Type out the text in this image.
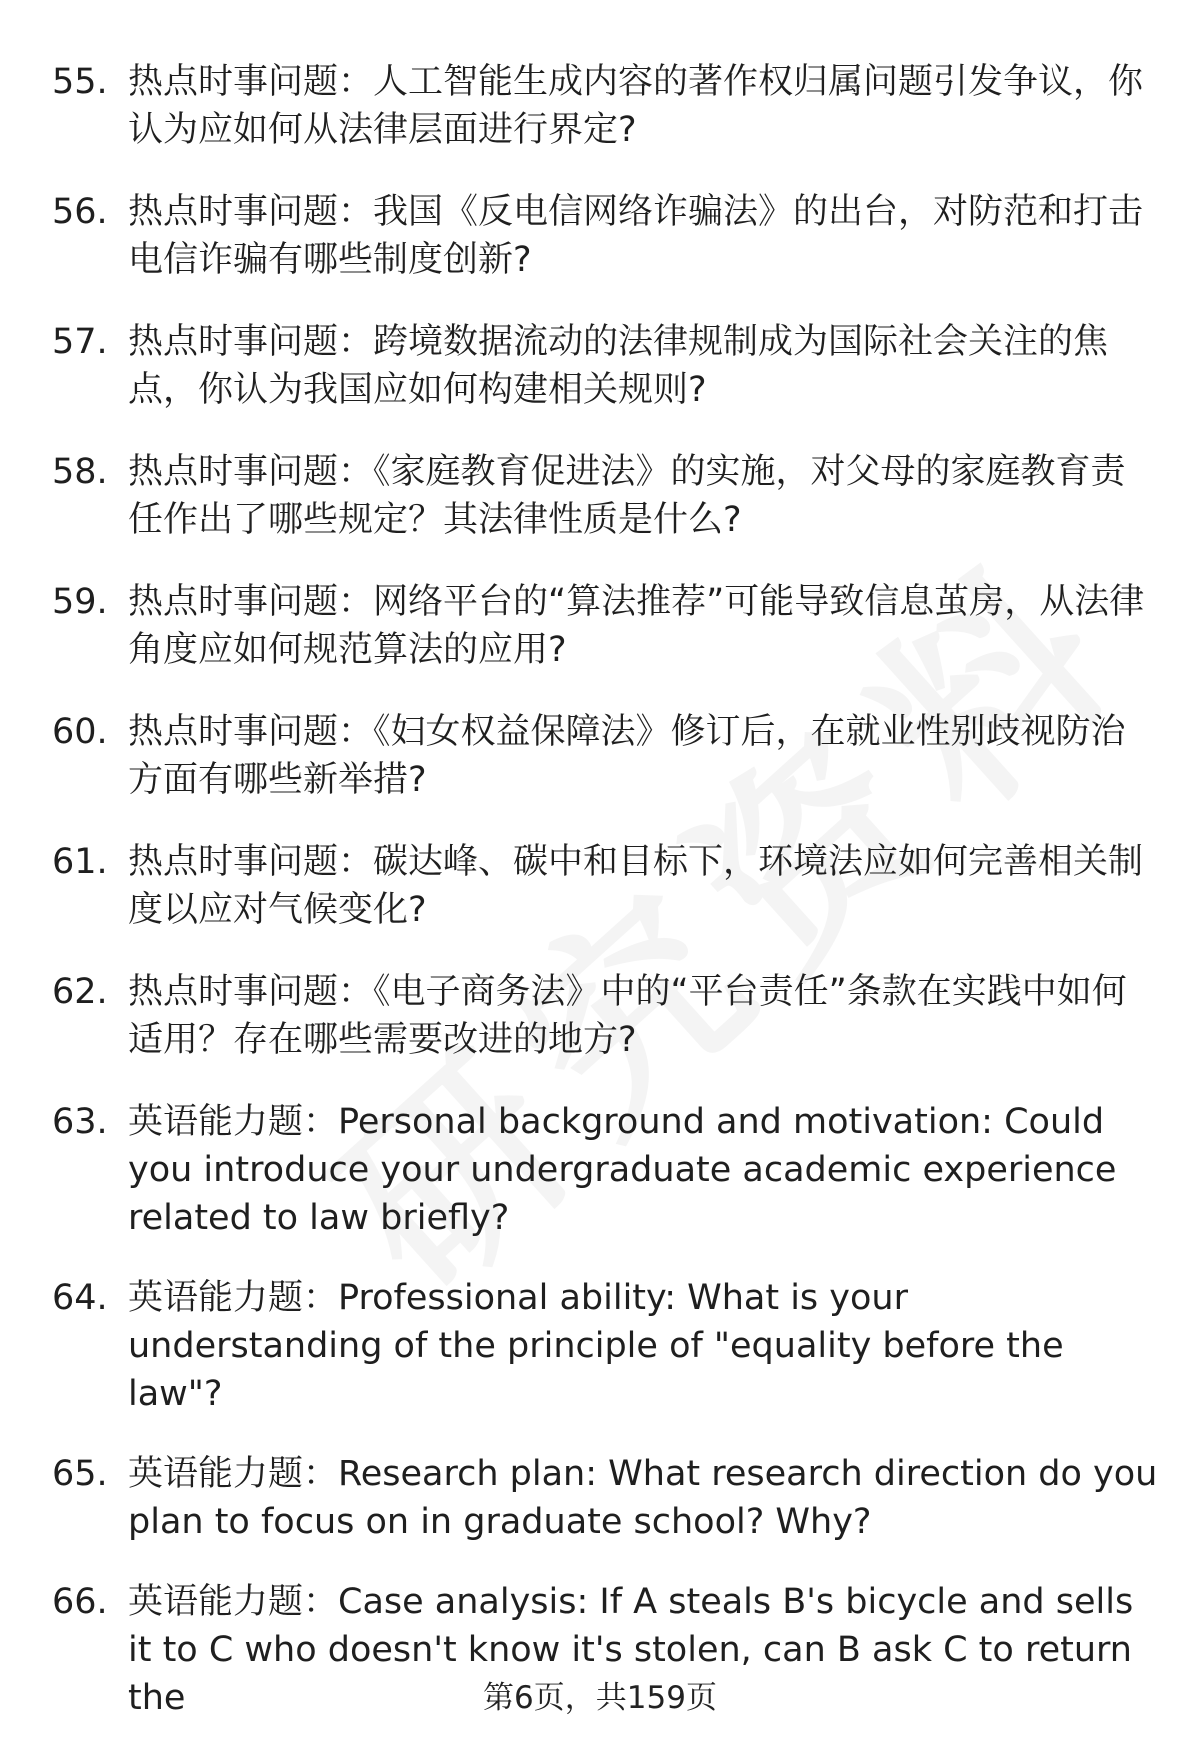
55. 热点时事问题：人工智能生成内容的著作权归属问题引发争议，你认为应如何从法律层面进行界定?
56. 热点时事问题：我国《反电信网络诈骗法》的出台，对防范和打击电信诈骗有哪些制度创新?
57. 热点时事问题：跨境数据流动的法律规制成为国际社会关注的焦点，你认为我国应如何构建相关规则?
58. 热点时事问题：《家庭教育促进法》的实施，对父母的家庭教育责任作出了哪些规定？其法律性质是什么?
59. 热点时事问题：网络平台的“算法推荐”可能导致信息茧房，从法律角度应如何规范算法的应用?
60. 热点时事问题：《妇女权益保障法》修订后，在就业性别歧视防治方面有哪些新举措?
61. 热点时事问题：碳达峰、碳中和目标下，环境法应如何完善相关制度以应对气候变化?
62. 热点时事问题：《电子商务法》中的“平台责任”条款在实践中如何适用？存在哪些需要改进的地方?
63. 英语能力题：Personal background and motivation: Could you introduce your undergraduate academic experience related to law briefly?
64. 英语能力题：Professional ability: What is your understanding of the principle of "equality before the law"?
65. 英语能力题：Research plan: What research direction do you plan to focus on in graduate school? Why?
66. 英语能力题：Case analysis: If A steals B's bicycle and sells it to C who doesn't know it's stolen, can B ask C to return the	第6页，共159页
